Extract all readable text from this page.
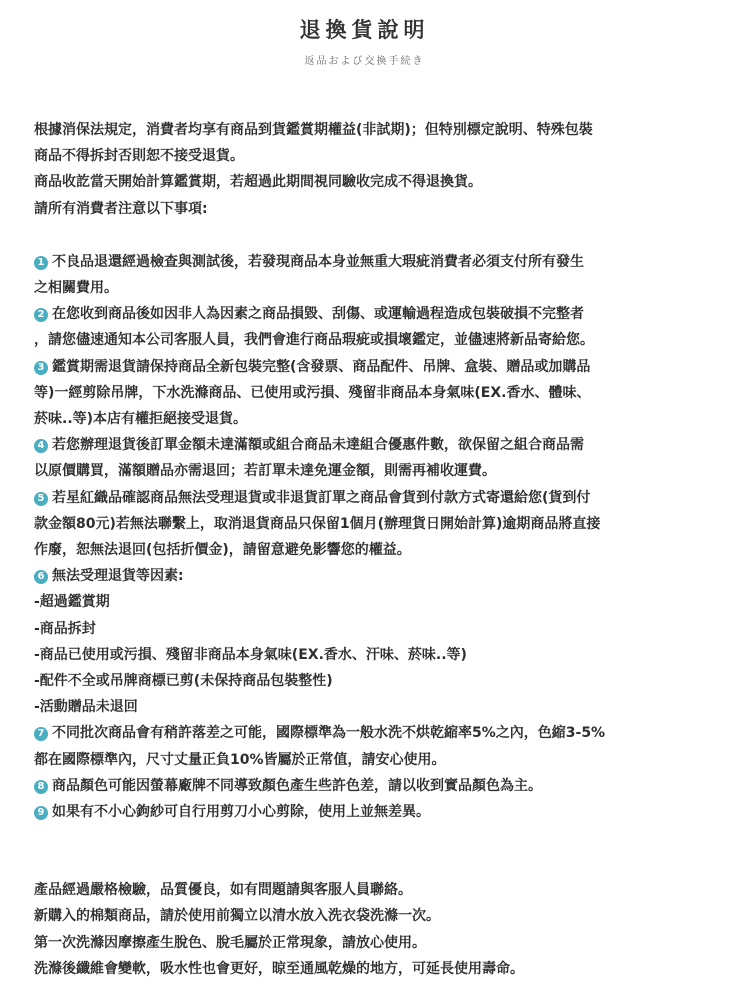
退換貨說明
返品および交換手続き
根據消保法規定，消費者均享有商品到貨鑑賞期權益(非試期)；但特別標定說明、特殊包裝
商品不得拆封否則恕不接受退貨。
商品收訖當天開始計算鑑賞期，若超過此期間視同驗收完成不得退換貨。
請所有消費者注意以下事項:
1 不良品退還經過檢查與測試後，若發現商品本身並無重大瑕疵消費者必須支付所有發生
之相關費用。
2 在您收到商品後如因非人為因素之商品損毀、刮傷、或運輸過程造成包裝破損不完整者
，請您儘速通知本公司客服人員，我們會進行商品瑕疵或損壞鑑定，並儘速將新品寄給您。
3 鑑賞期需退貨請保持商品全新包裝完整(含發票、商品配件、吊牌、盒裝、贈品或加購品
等)一經剪除吊牌，下水洗滌商品、已使用或污損、殘留非商品本身氣味(EX.香水、體味、
菸味..等)本店有權拒絕接受退貨。
4 若您辦理退貨後訂單金額未達滿額或組合商品未達組合優惠件數，欲保留之組合商品需
以原價購買，滿額贈品亦需退回；若訂單未達免運金額，則需再補收運費。
5 若星紅織品確認商品無法受理退貨或非退貨訂單之商品會貨到付款方式寄還給您(貨到付
款金額80元)若無法聯繫上，取消退貨商品只保留1個月(辦理貨日開始計算)逾期商品將直接
作廢，恕無法退回(包括折價金)，請留意避免影響您的權益。
6 無法受理退貨等因素:
-超過鑑賞期
-商品拆封
-商品已使用或污損、殘留非商品本身氣味(EX.香水、汗味、菸味..等)
-配件不全或吊牌商標已剪(未保持商品包裝整性)
-活動贈品未退回
7 不同批次商品會有稍許落差之可能，國際標準為一般水洗不烘乾縮率5%之內，色縮3-5%
都在國際標準內，尺寸丈量正負10%皆屬於正常值，請安心使用。
8 商品顏色可能因螢幕廠牌不同導致顏色產生些許色差，請以收到實品顏色為主。
9 如果有不小心鉤紗可自行用剪刀小心剪除，使用上並無差異。
產品經過嚴格檢驗，品質優良，如有問題請與客服人員聯絡。
新購入的棉類商品，請於使用前獨立以清水放入洗衣袋洗滌一次。
第一次洗滌因摩擦產生脫色、脫毛屬於正常現象，請放心使用。
洗滌後纖維會變軟，吸水性也會更好，晾至通風乾燥的地方，可延長使用壽命。
